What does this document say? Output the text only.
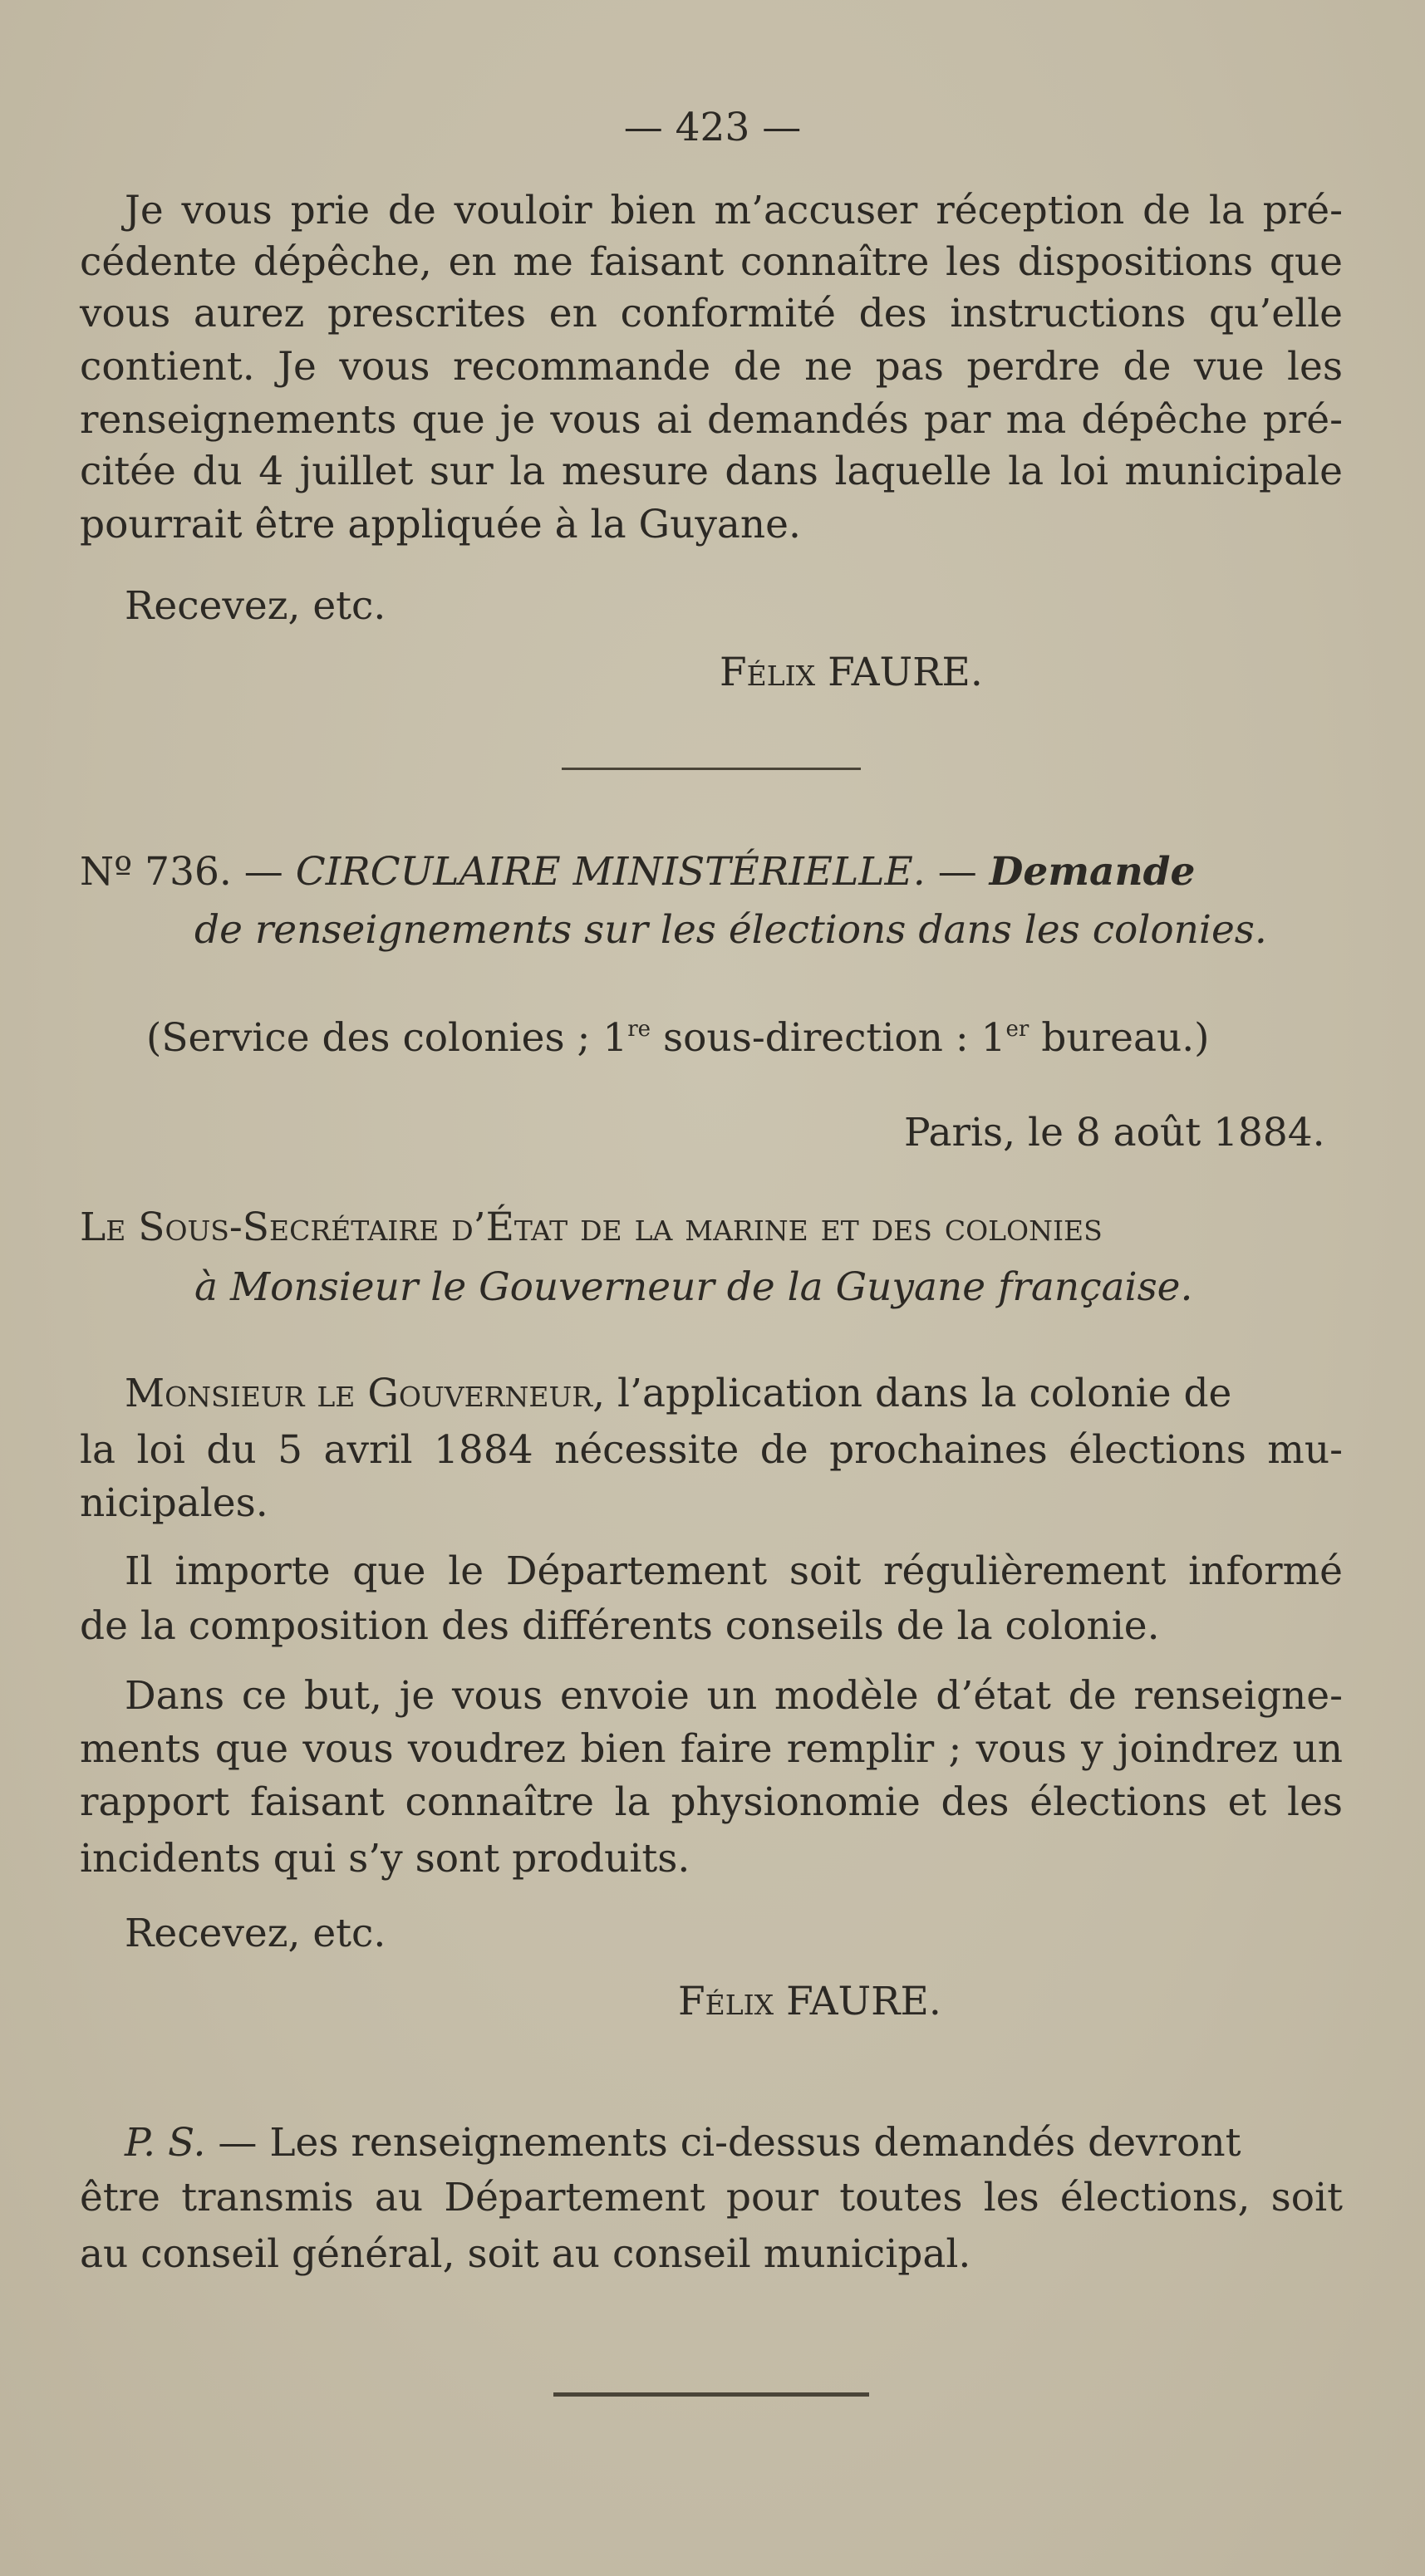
— 423 —
Je vous prie de vouloir bien m’accuser réception de la pré-
cédente dépêche, en me faisant connaître les dispositions que
vous aurez prescrites en conformité des instructions qu’elle
contient. Je vous recommande de ne pas perdre de vue les
renseignements que je vous ai demandés par ma dépêche pré-
citée du 4 juillet sur la mesure dans laquelle la loi municipale
pourrait être appliquée à la Guyane.
Recevez, etc.
Félix FAURE.
Nº 736. — CIRCULAIRE MINISTÉRIELLE. — Demande
de renseignements sur les élections dans les colonies.
(Service des colonies ; 1re sous-direction : 1er bureau.)
Paris, le 8 août 1884.
Le Sous-Secrétaire d’État de la marine et des colonies
à Monsieur le Gouverneur de la Guyane française.
Monsieur le Gouverneur, l’application dans la colonie de
la loi du 5 avril 1884 nécessite de prochaines élections mu-
nicipales.
Il importe que le Département soit régulièrement informé
de la composition des différents conseils de la colonie.
Dans ce but, je vous envoie un modèle d’état de renseigne-
ments que vous voudrez bien faire remplir ; vous y joindrez un
rapport faisant connaître la physionomie des élections et les
incidents qui s’y sont produits.
Recevez, etc.
Félix FAURE.
P. S. — Les renseignements ci-dessus demandés devront
être transmis au Département pour toutes les élections, soit
au conseil général, soit au conseil municipal.
